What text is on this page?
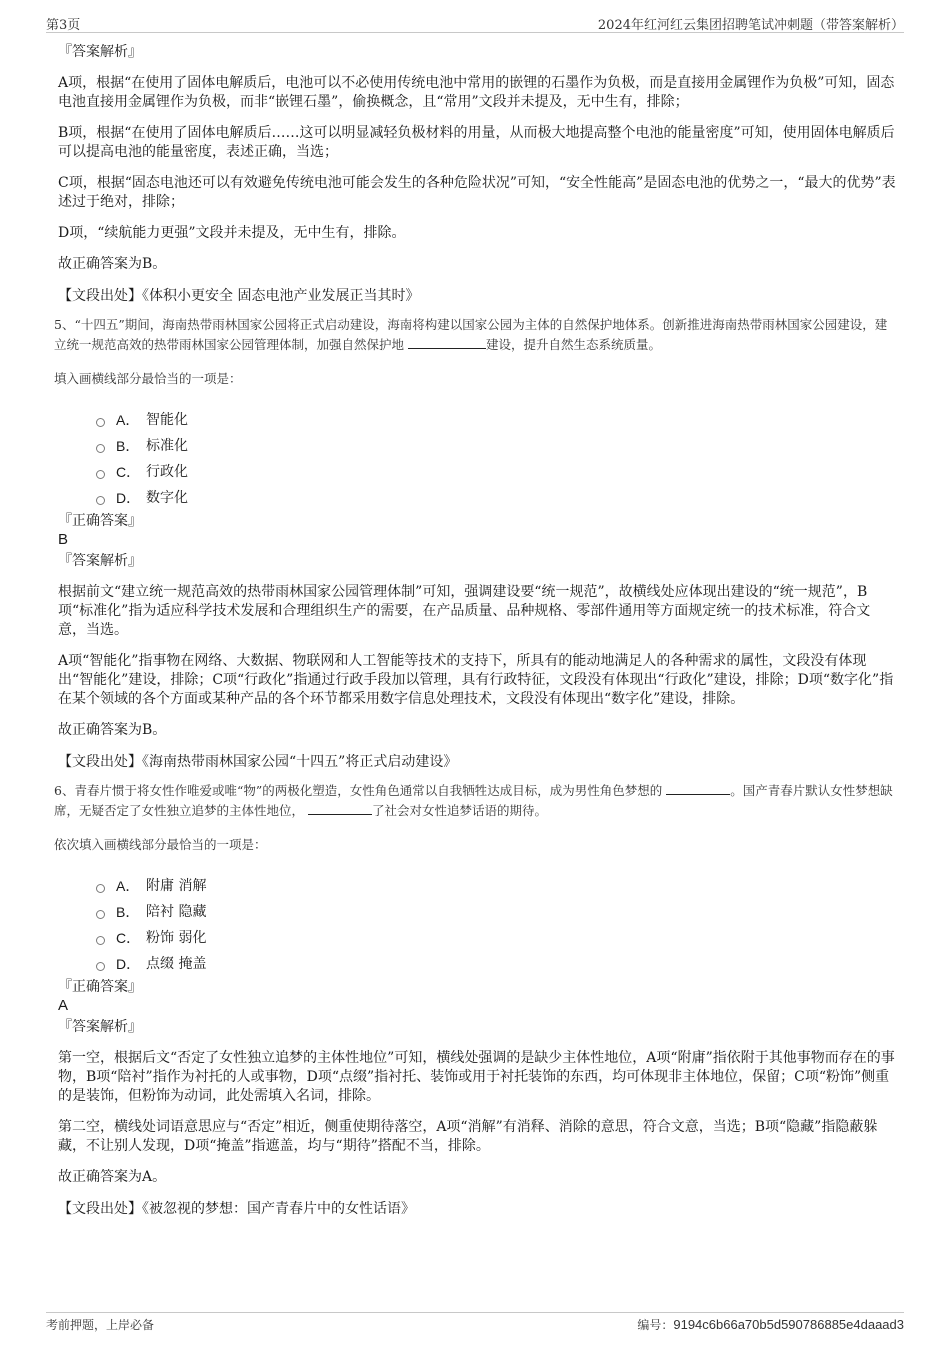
第3页	2024年红河红云集团招聘笔试冲刺题（带答案解析）
『答案解析』

A项，根据“在使用了固体电解质后，电池可以不必使用传统电池中常用的嵌锂的石墨作为负极，而是直接用金属锂作为负极”可知，固态电池直接用金属锂作为负极，而非“嵌锂石墨”，偷换概念，且“常用”文段并未提及，无中生有，排除；

B项，根据“在使用了固体电解质后……这可以明显减轻负极材料的用量，从而极大地提高整个电池的能量密度”可知，使用固体电解质后可以提高电池的能量密度，表述正确，当选；

C项，根据“固态电池还可以有效避免传统电池可能会发生的各种危险状况”可知，“安全性能高”是固态电池的优势之一，“最大的优势”表述过于绝对，排除；

D项，“续航能力更强”文段并未提及，无中生有，排除。

故正确答案为B。

【文段出处】《体积小更安全 固态电池产业发展正当其时》
5、“十四五”期间，海南热带雨林国家公园将正式启动建设，海南将构建以国家公园为主体的自然保护地体系。创新推进海南热带雨林国家公园建设，建立统一规范高效的热带雨林国家公园管理体制，加强自然保护地	建设，提升自然生态系统质量。
填入画横线部分最恰当的一项是：
A． 智能化
B． 标准化
C． 行政化
D． 数字化
『正确答案』
B
『答案解析』

根据前文“建立统一规范高效的热带雨林国家公园管理体制”可知，强调建设要“统一规范”，故横线处应体现出建设的“统一规范”，B项“标准化”指为适应科学技术发展和合理组织生产的需要，在产品质量、品种规格、零部件通用等方面规定统一的技术标准，符合文意，当选。

A项“智能化”指事物在网络、大数据、物联网和人工智能等技术的支持下，所具有的能动地满足人的各种需求的属性，文段没有体现出“智能化”建设，排除；C项“行政化”指通过行政手段加以管理，具有行政特征，文段没有体现出“行政化”建设，排除；D项“数字化”指在某个领域的各个方面或某种产品的各个环节都采用数字信息处理技术，文段没有体现出“数字化”建设，排除。

故正确答案为B。

【文段出处】《海南热带雨林国家公园“十四五”将正式启动建设》
6、青春片惯于将女性作唯爱或唯“物”的两极化塑造，女性角色通常以自我牺牲达成目标，成为男性角色梦想的	。国产青春片默认女性梦想缺席，无疑否定了女性独立追梦的主体性地位，	了社会对女性追梦话语的期待。
依次填入画横线部分最恰当的一项是：
A． 附庸 消解
B． 陪衬 隐藏
C． 粉饰 弱化
D． 点缀 掩盖
『正确答案』
A
『答案解析』

第一空，根据后文“否定了女性独立追梦的主体性地位”可知，横线处强调的是缺少主体性地位，A项“附庸”指依附于其他事物而存在的事物，B项“陪衬”指作为衬托的人或事物，D项“点缀”指衬托、装饰或用于衬托装饰的东西，均可体现非主体地位，保留；C项“粉饰”侧重的是装饰，但粉饰为动词，此处需填入名词，排除。

第二空，横线处词语意思应与“否定”相近，侧重使期待落空，A项“消解”有消释、消除的意思，符合文意，当选；B项“隐藏”指隐蔽躲藏，不让别人发现，D项“掩盖”指遮盖，均与“期待”搭配不当，排除。

故正确答案为A。

【文段出处】《被忽视的梦想：国产青春片中的女性话语》
考前押题，上岸必备	编号：9194c6b66a70b5d590786885e4daaad3
